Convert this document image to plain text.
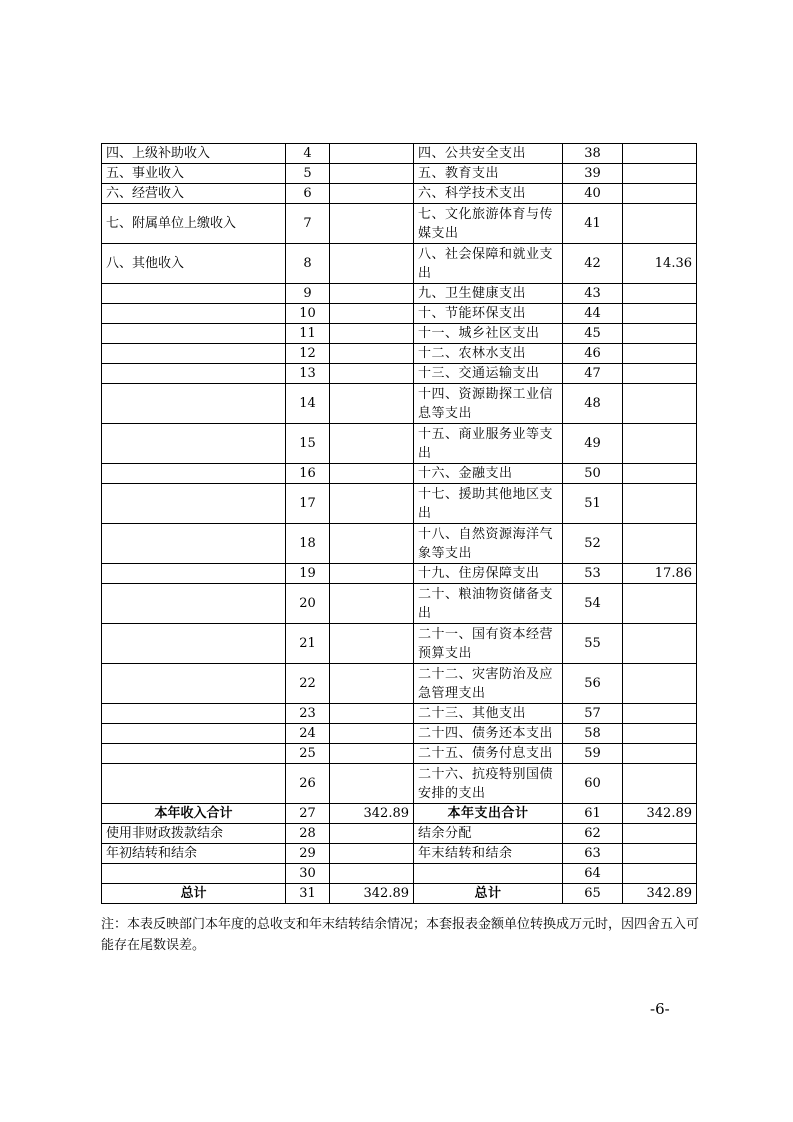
四、上级补助收入	4		四、公共安全支出	38	
五、事业收入	5		五、教育支出	39	
六、经营收入	6		六、科学技术支出	40	
七、附属单位上缴收入	7		七、文化旅游体育与传媒支出	41	
八、其他收入	8		八、社会保障和就业支出	42	14.36
	9		九、卫生健康支出	43	
	10		十、节能环保支出	44	
	11		十一、城乡社区支出	45	
	12		十二、农林水支出	46	
	13		十三、交通运输支出	47	
	14		十四、资源勘探工业信息等支出	48	
	15		十五、商业服务业等支出	49	
	16		十六、金融支出	50	
	17		十七、援助其他地区支出	51	
	18		十八、自然资源海洋气象等支出	52	
	19		十九、住房保障支出	53	17.86
	20		二十、粮油物资储备支出	54	
	21		二十一、国有资本经营预算支出	55	
	22		二十二、灾害防治及应急管理支出	56	
	23		二十三、其他支出	57	
	24		二十四、债务还本支出	58	
	25		二十五、债务付息支出	59	
	26		二十六、抗疫特别国债安排的支出	60	
本年收入合计	27	342.89	本年支出合计	61	342.89
使用非财政拨款结余	28		结余分配	62	
年初结转和结余	29		年末结转和结余	63	
	30			64	
总计	31	342.89	总计	65	342.89
注：本表反映部门本年度的总收支和年末结转结余情况；本套报表金额单位转换成万元时，因四舍五入可能存在尾数误差。
-6-
